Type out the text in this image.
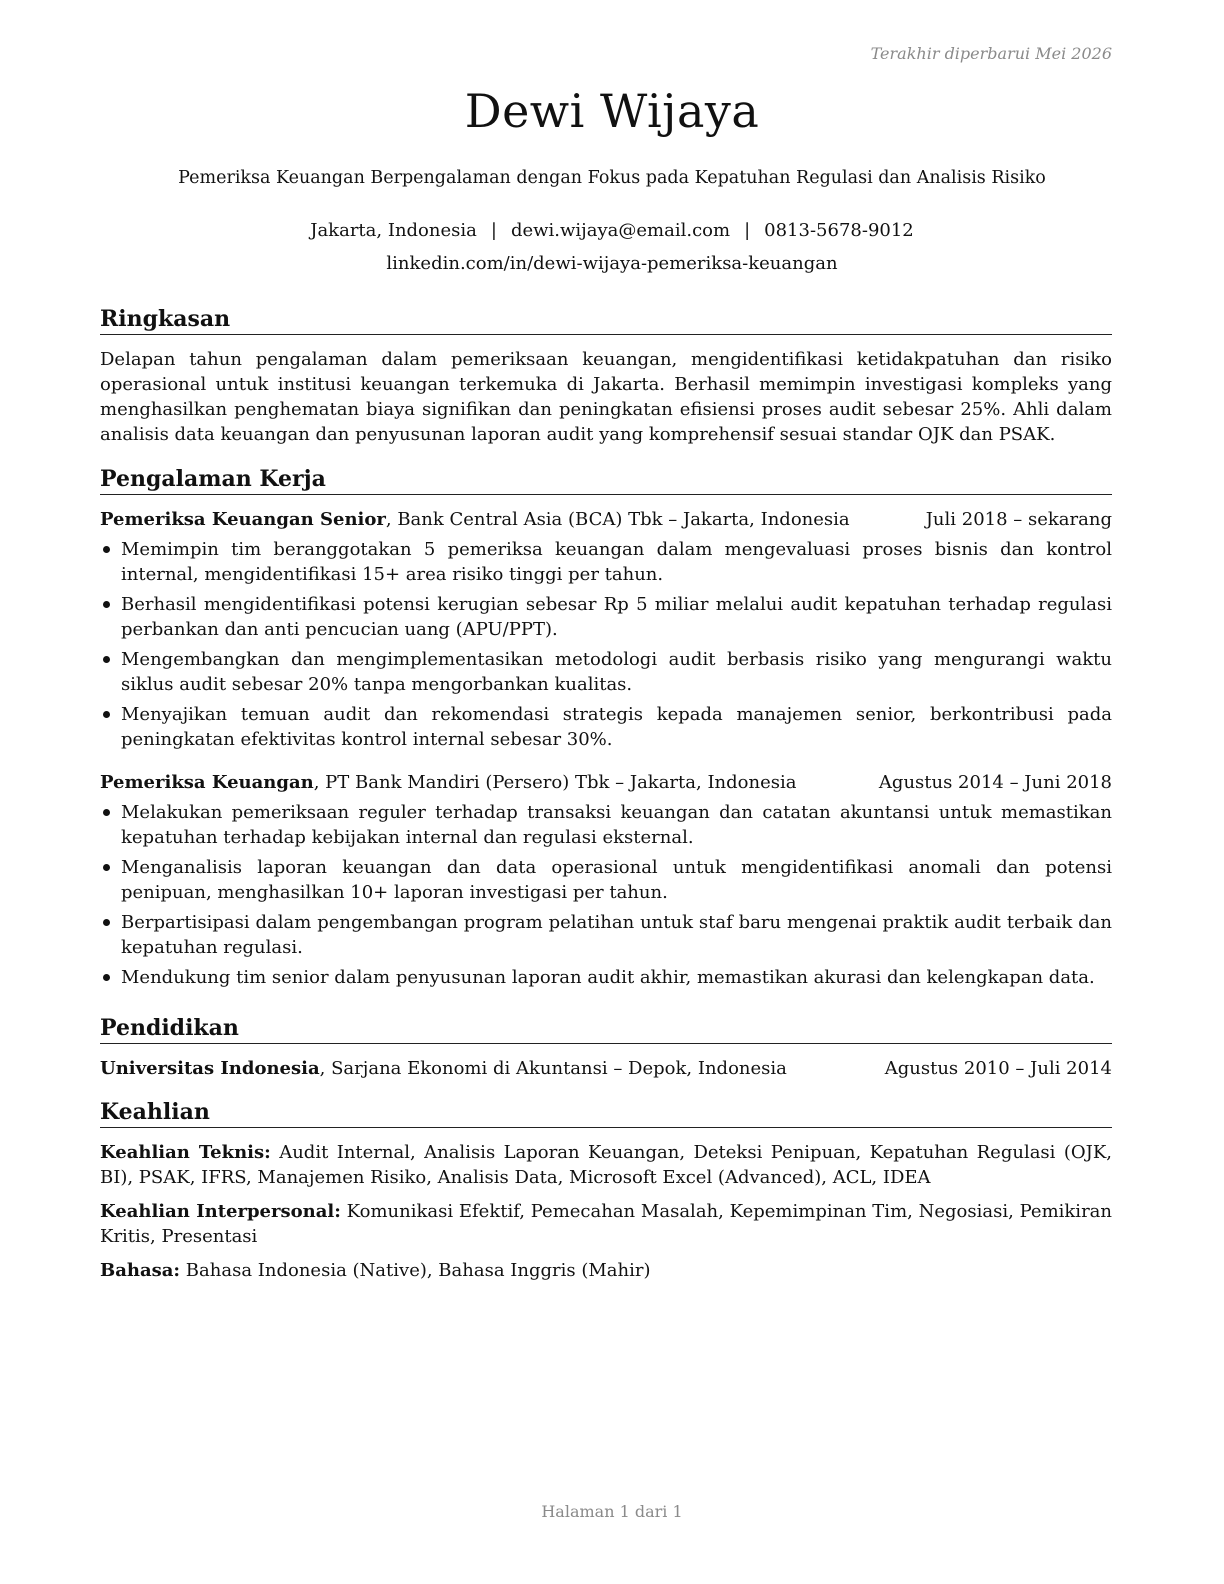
Terakhir diperbarui Mei 2026
Dewi Wijaya
Pemeriksa Keuangan Berpengalaman dengan Fokus pada Kepatuhan Regulasi dan Analisis Risiko
Jakarta, Indonesia | dewi.wijaya@email.com | 0813-5678-9012
linkedin.com/in/dewi-wijaya-pemeriksa-keuangan
Ringkasan

Delapan tahun pengalaman dalam pemeriksaan keuangan, mengidentifikasi ketidakpatuhan dan risiko operasional untuk institusi keuangan terkemuka di Jakarta. Berhasil memimpin investigasi kompleks yang menghasilkan penghematan biaya signifikan dan peningkatan efisiensi proses audit sebesar 25%. Ahli dalam analisis data keuangan dan penyusunan laporan audit yang komprehensif sesuai standar OJK dan PSAK.

Pengalaman Kerja
Pemeriksa Keuangan Senior, Bank Central Asia (BCA) Tbk – Jakarta, Indonesia	Juli 2018 – sekarang
Memimpin tim beranggotakan 5 pemeriksa keuangan dalam mengevaluasi proses bisnis dan kontrol internal, mengidentifikasi 15+ area risiko tinggi per tahun.
Berhasil mengidentifikasi potensi kerugian sebesar Rp 5 miliar melalui audit kepatuhan terhadap regulasi perbankan dan anti pencucian uang (APU/PPT).
Mengembangkan dan mengimplementasikan metodologi audit berbasis risiko yang mengurangi waktu siklus audit sebesar 20% tanpa mengorbankan kualitas.
Menyajikan temuan audit dan rekomendasi strategis kepada manajemen senior, berkontribusi pada peningkatan efektivitas kontrol internal sebesar 30%.
Pemeriksa Keuangan, PT Bank Mandiri (Persero) Tbk – Jakarta, Indonesia	Agustus 2014 – Juni 2018
Melakukan pemeriksaan reguler terhadap transaksi keuangan dan catatan akuntansi untuk memastikan kepatuhan terhadap kebijakan internal dan regulasi eksternal.
Menganalisis laporan keuangan dan data operasional untuk mengidentifikasi anomali dan potensi penipuan, menghasilkan 10+ laporan investigasi per tahun.
Berpartisipasi dalam pengembangan program pelatihan untuk staf baru mengenai praktik audit terbaik dan kepatuhan regulasi.
Mendukung tim senior dalam penyusunan laporan audit akhir, memastikan akurasi dan kelengkapan data.
Pendidikan
Universitas Indonesia, Sarjana Ekonomi di Akuntansi – Depok, Indonesia	Agustus 2010 – Juli 2014
Keahlian

Keahlian Teknis: Audit Internal, Analisis Laporan Keuangan, Deteksi Penipuan, Kepatuhan Regulasi (OJK, BI), PSAK, IFRS, Manajemen Risiko, Analisis Data, Microsoft Excel (Advanced), ACL, IDEA

Keahlian Interpersonal: Komunikasi Efektif, Pemecahan Masalah, Kepemimpinan Tim, Negosiasi, Pemikiran Kritis, Presentasi

Bahasa: Bahasa Indonesia (Native), Bahasa Inggris (Mahir)

Halaman 1 dari 1
